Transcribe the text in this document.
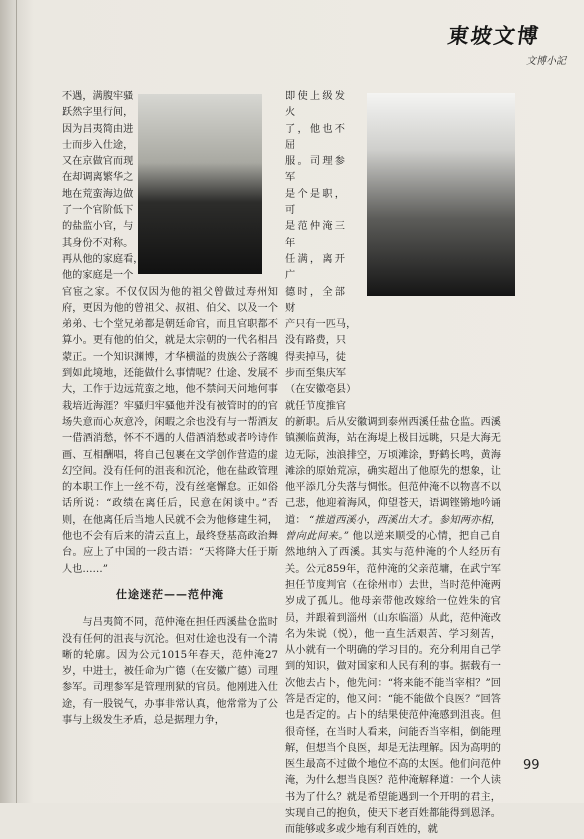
東坡文博
文博小記

不遇，满腹牢骚
跃然字里行间，
因为吕夷简由进
士而步入仕途，
又在京做官而现
在却调离繁华之
地在荒蛮海边做
了一个官阶低下
的盐监小官，与
其身份不对称。
再从他的家庭看，
他的家庭是一个

官宦之家。不仅仅因为他的祖父曾做过寿州知府，更因为他的曾祖父、叔祖、伯父、以及一个弟弟、七个堂兄弟都是朝廷命官，而且官职都不算小。更有他的伯父，就是太宗朝的一代名相吕蒙正。一个知识渊博，才华横溢的贵族公子落魄到如此境地，还能做什么事情呢？仕途、发展不大，工作于边远荒蛮之地，他不禁问天问地何事栽培近海涯？牢骚归牢骚他并没有被管时的的官场失意而心灰意冷，闲暇之余也没有与一帮酒友一借酒消愁，怀不不遇的人借酒消愁或者吟诗作画、互相酬唱，将自己包裹在文学创作营造的虚幻空间。没有任何的沮丧和沉沦，他在盐政管理的本职工作上一丝不苟，没有丝毫懈怠。正如俗话所说：“政绩在离任后，民意在闲谈中。”否则，在他离任后当地人民就不会为他修建生祠，他也不会有后来的清云直上，最终登基高政治舞台。应上了中国的一段古语：“天将降大任于斯人也……”

仕途迷茫——范仲淹

与吕夷简不同，范仲淹在担任西溪盐仓监时没有任何的沮丧与沉沦。但对仕途也没有一个清晰的轮廓。因为公元1015年春天，范仲淹27岁，中进士，被任命为广德（在安徽广德）司理参军。司理参军是管理刑狱的官员。他刚进入仕途，有一股锐气，办事非常认真，他常常为了公事与上级发生矛盾，总是据理力争，

即使上级发火
了，他也不屈
服。司理参军
是个是职，可
是范仲淹三年
任满，离开广
德时，全部财
产只有一匹马，
没有路费，只
得卖掉马，徒
步而至集庆军
（在安徽亳县）
就任节度推官

的新职。后从安徽调到泰州西溪任盐仓监。西溪镇濒临黄海，站在海堤上极目远眺，只是大海无边无际，浊浪排空，万顷滩涂，野鹤长鸣，黄海滩涂的原始荒凉，确实超出了他原先的想象，让他平添几分失落与惆怅。但范仲淹不以物喜不以己悲，他迎着海风，仰望苍天，语调铿锵地吟诵道： “推道西溪小，西溪出大才。参知两亦相，曾向此间来。” 他以逆来顺受的心情，把自己自然地纳入了西溪。其实与范仲淹的个人经历有关。公元859年，范仲淹的父亲范墉，在武宁军担任节度判官（在徐州市）去世，当时范仲淹两岁成了孤儿。他母亲带他改嫁给一位姓朱的官员，并跟着到淄州（山东临淄）从此，范仲淹改名为朱说（悦），他一直生活艰苦、学习刻苦，从小就有一个明确的学习目的。充分利用自己学到的知识，做对国家和人民有利的事。据载有一次他去占卜，他先问：“将来能不能当宰相？”回答是否定的，他又问：“能不能做个良医？”回答也是否定的。占卜的结果使范仲淹感到沮丧。但很奇怪，在当时人看来，问能否当宰相，倒能理解，但想当个良医，却是无法理解。因为高明的医生最高不过做个地位不高的太医。他们问范仲淹，为什么想当良医？范仲淹解释道：一个人读书为了什么？就是希望能遇到一个开明的君主，实现自己的抱负，使天下老百姓都能得到恩泽。而能够或多或少地有利百姓的，就

99
